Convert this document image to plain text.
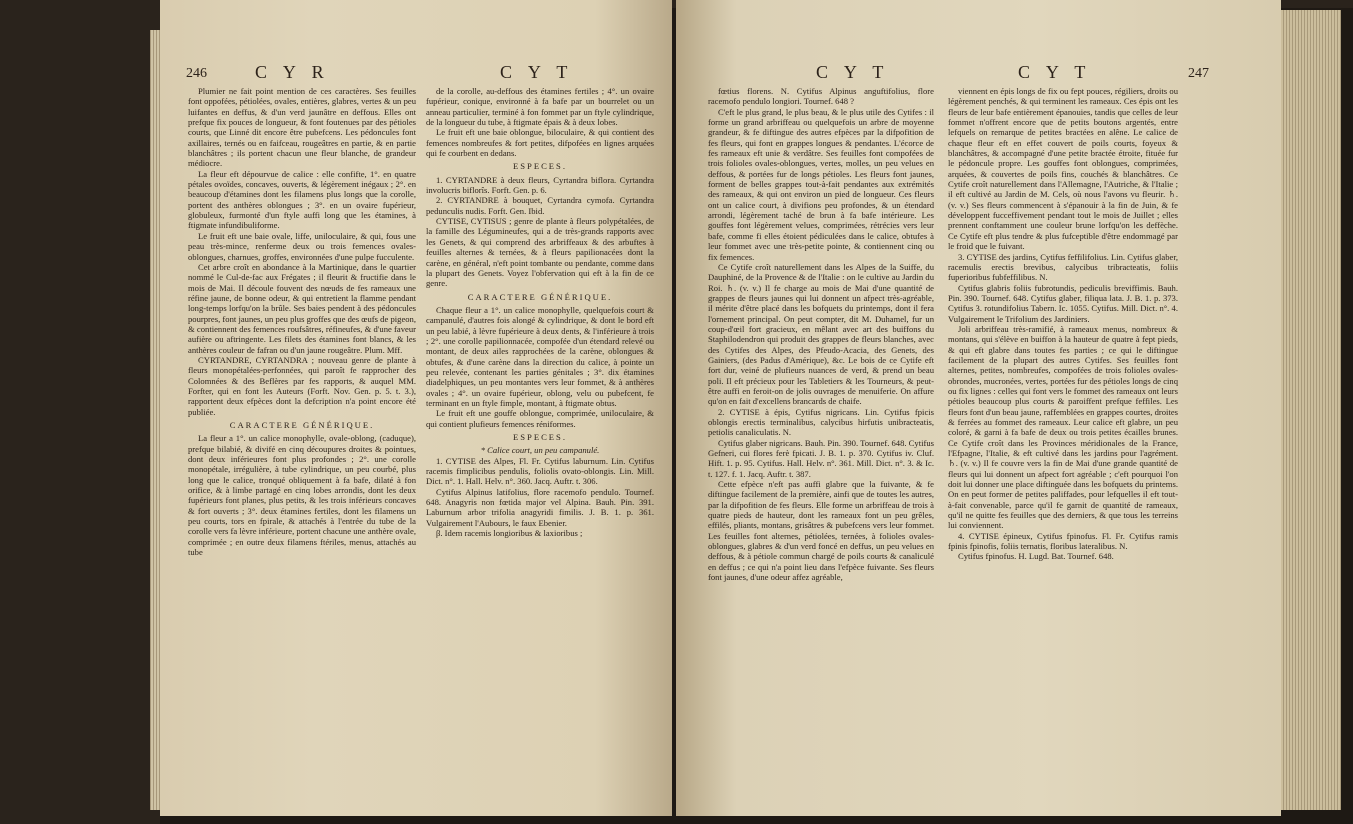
246	C Y R	C Y T

Plumier ne fait point mention de ces caractères. Ses feuilles font oppofées, pétiolées, ovales, entières, glabres, vertes & un peu luifantes en deffus, & d'un verd jaunâtre en deffous. Elles ont prefque fix pouces de longueur, & font foutenues par des pétioles courts, que Linné dit encore être pubefcens. Les pédoncules font axillaires, ternés ou en faifceau, rougeâtres en partie, & en partie blanchâtres ; ils portent chacun une fleur blanche, de grandeur médiocre.

La fleur eft dépourvue de calice : elle confifte, 1°. en quatre pétales ovoïdes, concaves, ouverts, & légèrement inégaux ; 2°. en beaucoup d'étamines dont les filamens plus longs que la corolle, portent des anthères oblongues ; 3°. en un ovaire fupérieur, globuleux, furmonté d'un ftyle auffi long que les étamines, à ftigmate infundibuliforme.

Le fruit eft une baie ovale, liffe, uniloculaire, & qui, fous une peau très-mince, renferme deux ou trois femences ovales-oblongues, charnues, groffes, environnées d'une pulpe fucculente.

Cet arbre croît en abondance à la Martinique, dans le quartier nommé le Cul-de-fac aux Frégates ; il fleurit & fructifie dans le mois de Mai. Il découle fouvent des nœuds de fes rameaux une réfine jaune, de bonne odeur, & qui entretient la flamme pendant long-temps lorfqu'on la brûle. Ses baies pendent à des pédoncules pourpres, font jaunes, un peu plus groffes que des œufs de pigeon, & contiennent des femences roufsâtres, réfineufes, & d'une faveur aufière ou aftringente. Les filets des étamines font blancs, & les anthères couleur de fafran ou d'un jaune rougeâtre. Plum. Mff.

CYRTANDRE, CYRTANDRA ; nouveau genre de plante à fleurs monopétalées-perfonnées, qui paroît fe rapprocher des Colomnées & des Beflères par fes rapports, & auquel MM. Forfter, qui en font les Auteurs (Forft. Nov. Gen. p. 5. t. 3.), rapportent deux efpèces dont la defcription n'a point encore été publiée.

CARACTERE GÉNÉRIQUE.

La fleur a 1°. un calice monophylle, ovale-oblong, (caduque), prefque bilabié, & divifé en cinq découpures droites & pointues, dont deux inférieures font plus profondes ; 2°. une corolle monopétale, irrégulière, à tube cylindrique, un peu courbé, plus long que le calice, tronqué obliquement à fa bafe, dilaté à fon orifice, & à limbe partagé en cinq lobes arrondis, dont les deux fupérieurs font planes, plus petits, & les trois inférieurs concaves & fort ouverts ; 3°. deux étamines fertiles, dont les filamens un peu courts, tors en fpirale, & attachés à l'entrée du tube de la corolle vers fa lèvre inférieure, portent chacune une anthère ovale, comprimée ; en outre deux filamens ftériles, menus, attachés au tube

de la corolle, au-deffous des étamines fertiles ; 4°. un ovaire fupérieur, conique, environné à fa bafe par un bourrelet ou un anneau particulier, terminé à fon fommet par un ftyle cylindrique, de la longueur du tube, à ftigmate épais & à deux lobes.

Le fruit eft une baie oblongue, biloculaire, & qui contient des femences nombreufes & fort petites, difpofées en lignes arquées qui fe courbent en dedans.

ESPECES.

1. CYRTANDRE à deux fleurs, Cyrtandra biflora. Cyrtandra involucris biflorîs. Forft. Gen. p. 6.

2. CYRTANDRE à bouquet, Cyrtandra cymofa. Cyrtandra pedunculis nudis. Forft. Gen. Ibid.

CYTISE, CYTISUS ; genre de plante à fleurs polypétalées, de la famille des Légumineufes, qui a de très-grands rapports avec les Genets, & qui comprend des arbriffeaux & des arbuftes à feuilles alternes & ternées, & à fleurs papilionacées dont la carène, en général, n'eft point tombante ou pendante, comme dans la plupart des Genets. Voyez l'obfervation qui eft à la fin de ce genre.

CARACTERE GÉNÉRIQUE.

Chaque fleur a 1°. un calice monophylle, quelquefois court & campanulé, d'autres fois alongé & cylindrique, & dont le bord eft un peu labié, à lèvre fupérieure à deux dents, & l'inférieure à trois ; 2°. une corolle papilionnacée, compofée d'un étendard relevé ou montant, de deux ailes rapprochées de la carène, oblongues & obtufes, & d'une carène dans la direction du calice, à pointe un peu relevée, contenant les parties génitales ; 3°. dix étamines diadelphiques, un peu montantes vers leur fommet, & à anthères ovales ; 4°. un ovaire fupérieur, oblong, velu ou pubefcent, fe terminant en un ftyle fimple, montant, à ftigmate obtus.

Le fruit eft une gouffe oblongue, comprimée, uniloculaire, & qui contient plufieurs femences réniformes.

ESPECES.

* Calice court, un peu campanulé.

1. CYTISE des Alpes, Fl. Fr. Cytifus laburnum. Lin. Cytifus racemis fimplicibus pendulis, foliolis ovato-oblongis. Lin. Mill. Dict. n°. 1. Hall. Helv. n°. 360. Jacq. Auftr. t. 306.

Cytifus Alpinus latifolius, flore racemofo pendulo. Tournef. 648. Anagyris non fœtida major vel Alpina. Bauh. Pin. 391. Laburnum arbor trifolia anagyridi fimilis. J. B. 1. p. 361. Vulgairement l'Aubours, le faux Ebenier.

β. Idem racemis longioribus & laxioribus ;

C Y T	C Y T	247

fœtius florens. N. Cytifus Alpinus anguftifolius, flore racemofo pendulo longiori. Tournef. 648 ?

C'eft le plus grand, le plus beau, & le plus utile des Cytifes : il forme un grand arbriffeau ou quelquefois un arbre de moyenne grandeur, & fe diftingue des autres efpèces par la difpofition de fes fleurs, qui font en grappes longues & pendantes. L'écorce de fes rameaux eft unie & verdâtre. Ses feuilles font compofées de trois folioles ovales-oblongues, vertes, molles, un peu velues en deffous, & portées fur de longs pétioles. Les fleurs font jaunes, forment de belles grappes tout-à-fait pendantes aux extrémités des rameaux, & qui ont environ un pied de longueur. Ces fleurs ont un calice court, à divifions peu profondes, & un étendard arrondi, légèrement taché de brun à fa bafe intérieure. Les gouffes font légèrement velues, comprimées, rétrécies vers leur bafe, comme fi elles étoient pédiculées dans le calice, obtufes à leur fommet avec une très-petite pointe, & contiennent cinq ou fix femences.

Ce Cytife croît naturellement dans les Alpes de la Suiffe, du Dauphiné, de la Provence & de l'Italie : on le cultive au Jardin du Roi. ♄. (v. v.) Il fe charge au mois de Mai d'une quantité de grappes de fleurs jaunes qui lui donnent un afpect très-agréable, il mérite d'être placé dans les bofquets du printemps, dont il fera l'ornement principal. On peut compter, dit M. Duhamel, fur un coup-d'œil fort gracieux, en mêlant avec art des buiffons du Staphilodendron qui produit des grappes de fleurs blanches, avec des Cytifes des Alpes, des Pfeudo-Acacia, des Genets, des Gainiers, (des Padus d'Amérique), &c. Le bois de ce Cytife eft fort dur, veiné de plufieurs nuances de verd, & prend un beau poli. Il eft précieux pour les Tabletiers & les Tourneurs, & peut-être auffi en feroit-on de jolis ouvrages de menuiferie. On affure qu'on en fait d'excellens brancards de chaife.

2. CYTISE à épis, Cytifus nigricans. Lin. Cytifus fpicis oblongis erectis terminalibus, calycibus hirfutis unibracteatis, petiolis canaliculatis. N.

Cytifus glaber nigricans. Bauh. Pin. 390. Tournef. 648. Cytifus Gefneri, cui flores ferè fpicati. J. B. 1. p. 370. Cytifus iv. Cluf. Hift. 1. p. 95. Cytifus. Hall. Helv. n°. 361. Mill. Dict. n°. 3. & Ic. t. 127. f. 1. Jacq. Auftr. t. 387.

Cette efpèce n'eft pas auffi glabre que la fuivante, & fe diftingue facilement de la première, ainfi que de toutes les autres, par la difpofition de fes fleurs. Elle forme un arbriffeau de trois à quatre pieds de hauteur, dont les rameaux font un peu grêles, effilés, pliants, montans, grisâtres & pubefcens vers leur fommet. Les feuilles font alternes, pétiolées, ternées, à folioles ovales-oblongues, glabres & d'un verd foncé en deffus, un peu velues en deffous, & à pétiole commun chargé de poils courts & canaliculé en deffus ; ce qui n'a point lieu dans l'efpèce fuivante. Ses fleurs font jaunes, d'une odeur affez agréable,

viennent en épis longs de fix ou fept pouces, régiliers, droits ou légèrement penchés, & qui terminent les rameaux. Ces épis ont les fleurs de leur bafe entièrement épanouies, tandis que celles de leur fommet n'offrent encore que de petits boutons argentés, entre lefquels on remarque de petites bractées en alêne. Le calice de chaque fleur eft en effet couvert de poils courts, foyeux & blanchâtres, & accompagné d'une petite bractée étroite, fituée fur le pédoncule propre. Les gouffes font oblongues, comprimées, arquées, & couvertes de poils fins, couchés & blanchâtres. Ce Cytife croît naturellement dans l'Allemagne, l'Autriche, & l'Italie ; il eft cultivé au Jardin de M. Cels, où nous l'avons vu fleurir. ♄. (v. v.) Ses fleurs commencent à s'épanouir à la fin de Juin, & fe développent fucceffivement pendant tout le mois de Juillet ; elles prennent conftamment une couleur brune lorfqu'on les deffèche. Ce Cytife eft plus tendre & plus fufceptible d'être endommagé par le froid que le fuivant.

3. CYTISE des jardins, Cytifus feffilifolius. Lin. Cytifus glaber, racemulis erectis brevibus, calycibus tribracteatis, foliis fuperioribus fubfeffilibus. N.

Cytifus glabris foliis fubrotundis, pediculis breviffimis. Bauh. Pin. 390. Tournef. 648. Cytifus glaber, filiqua lata. J. B. 1. p. 373. Cytifus 3. rotundifolius Tabern. Ic. 1055. Cytifus. Mill. Dict. n°. 4. Vulgairement le Trifolium des Jardiniers.

Joli arbriffeau très-ramifié, à rameaux menus, nombreux & montans, qui s'élève en buiffon à la hauteur de quatre à fept pieds, & qui eft glabre dans toutes fes parties ; ce qui le diftingue facilement de la plupart des autres Cytifes. Ses feuilles font alternes, petites, nombreufes, compofées de trois folioles ovales-obrondes, mucronées, vertes, portées fur des pétioles longs de cinq ou fix lignes : celles qui font vers le fommet des rameaux ont leurs pétioles beaucoup plus courts & paroiffent prefque feffiles. Les fleurs font d'un beau jaune, raffemblées en grappes courtes, droites & ferrées au fommet des rameaux. Leur calice eft glabre, un peu coloré, & garni à fa bafe de deux ou trois petites écailles brunes. Ce Cytife croît dans les Provinces méridionales de la France, l'Efpagne, l'Italie, & eft cultivé dans les jardins pour l'agrément. ♄. (v. v.) Il fe couvre vers la fin de Mai d'une grande quantité de fleurs qui lui donnent un afpect fort agréable ; c'eft pourquoi l'on doit lui donner une place diftinguée dans les bofquets du printems. On en peut former de petites paliffades, pour lefquelles il eft tout-à-fait convenable, parce qu'il fe garnit de quantité de rameaux, qu'il ne quitte fes feuilles que des derniers, & que tous les terreins lui conviennent.

4. CYTISE épineux, Cytifus fpinofus. Fl. Fr. Cytifus ramis fpinis fpinofis, foliis ternatis, floribus lateralibus. N.

Cytifus fpinofus. H. Lugd. Bat. Tournef. 648.
